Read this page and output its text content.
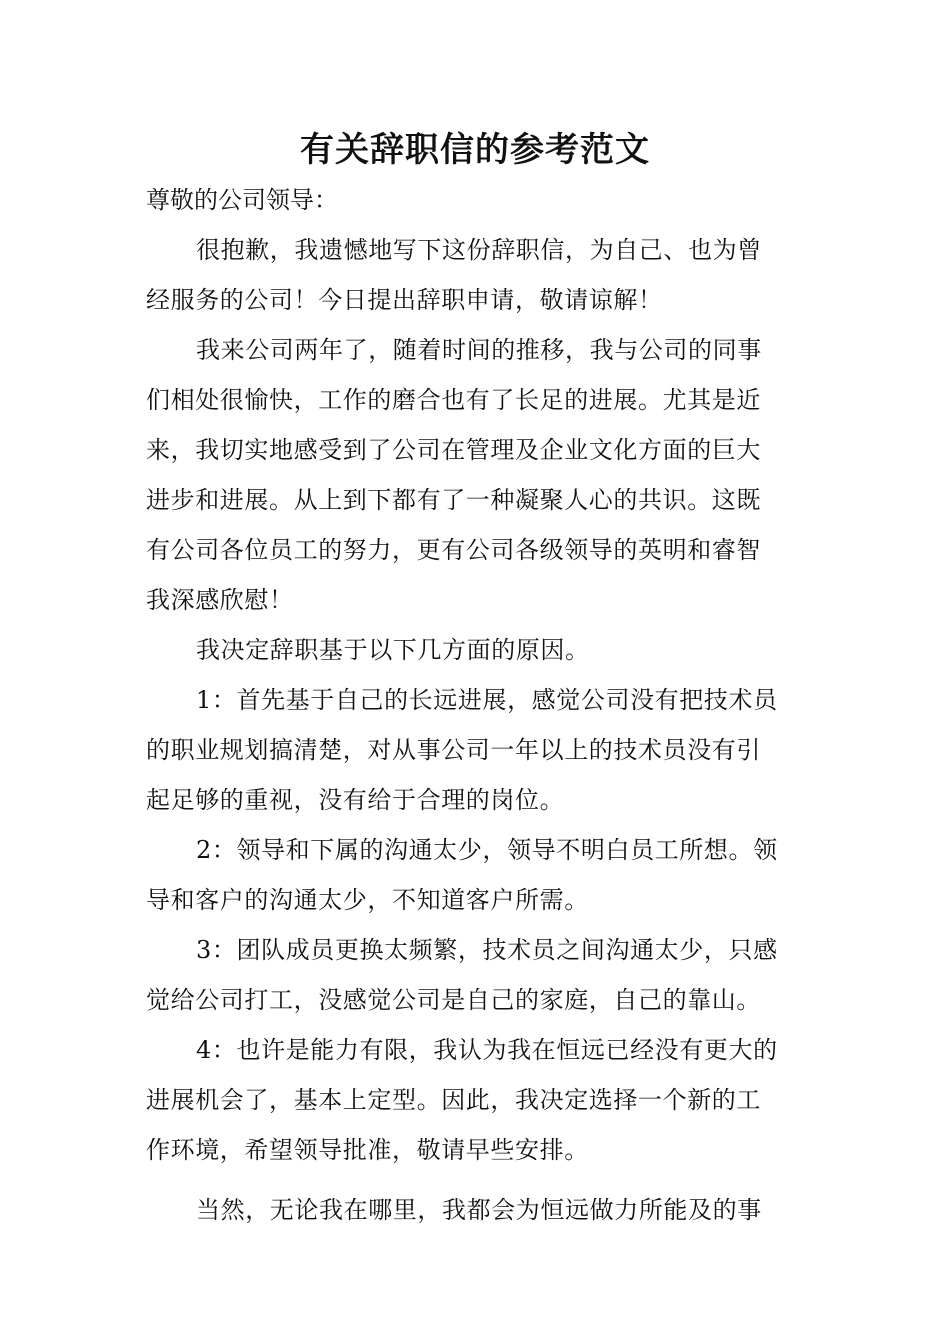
有关辞职信的参考范文
尊敬的公司领导：
很抱歉，我遗憾地写下这份辞职信，为自己、也为曾
经服务的公司！今日提出辞职申请，敬请谅解！
我来公司两年了，随着时间的推移，我与公司的同事
们相处很愉快，工作的磨合也有了长足的进展。尤其是近
来，我切实地感受到了公司在管理及企业文化方面的巨大
进步和进展。从上到下都有了一种凝聚人心的共识。这既
有公司各位员工的努力，更有公司各级领导的英明和睿智
我深感欣慰！
我决定辞职基于以下几方面的原因。
1：首先基于自己的长远进展，感觉公司没有把技术员
的职业规划搞清楚，对从事公司一年以上的技术员没有引
起足够的重视，没有给于合理的岗位。
2：领导和下属的沟通太少，领导不明白员工所想。领
导和客户的沟通太少，不知道客户所需。
3：团队成员更换太频繁，技术员之间沟通太少，只感
觉给公司打工，没感觉公司是自己的家庭，自己的靠山。
4：也许是能力有限，我认为我在恒远已经没有更大的
进展机会了，基本上定型。因此，我决定选择一个新的工
作环境，希望领导批准，敬请早些安排。
当然，无论我在哪里，我都会为恒远做力所能及的事
